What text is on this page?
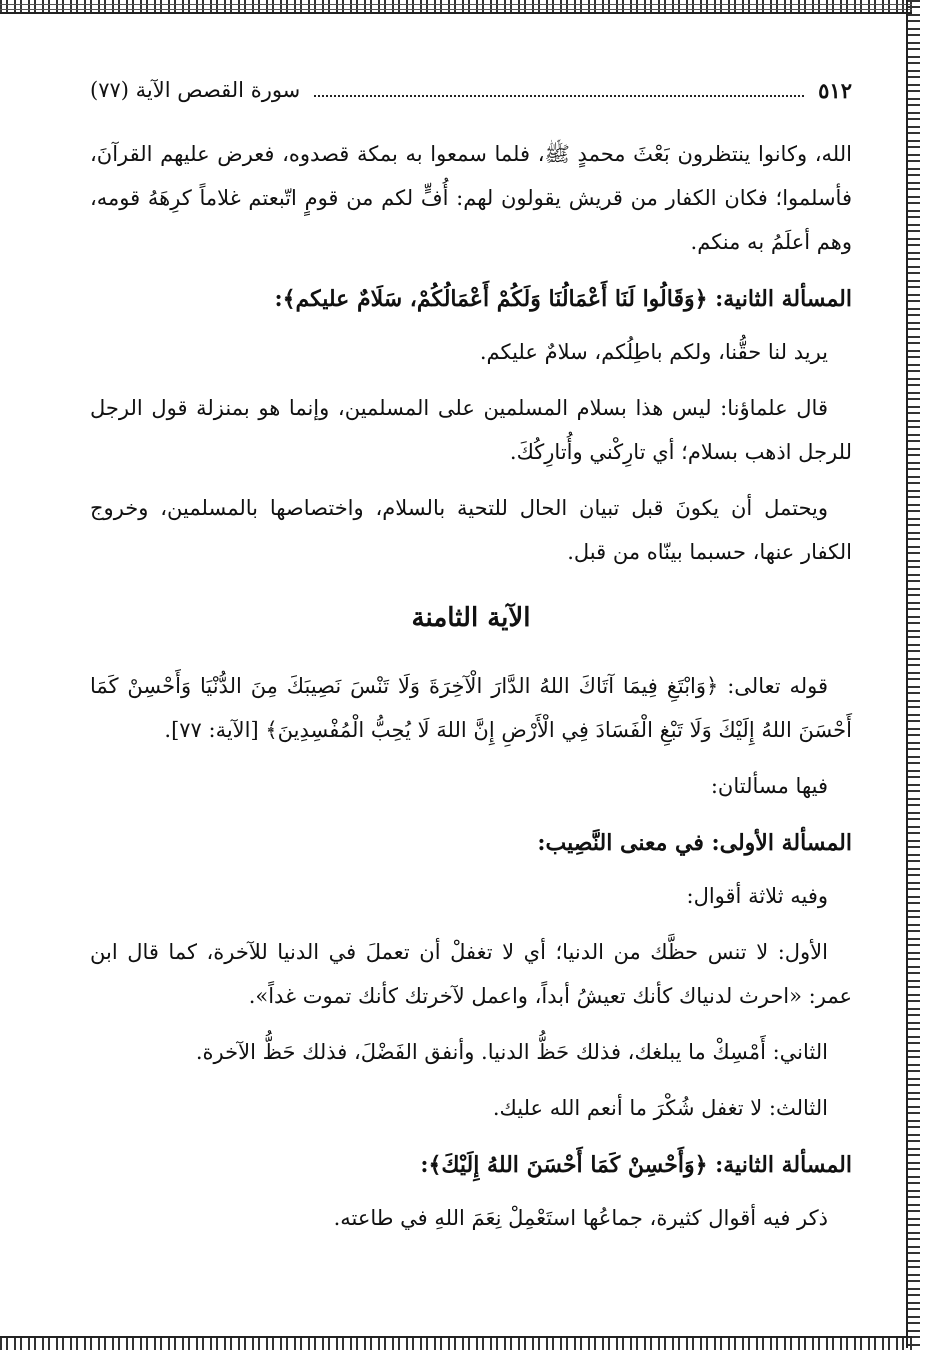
٥١٢
سورة القصص الآية (٧٧)

الله، وكانوا ينتظرون بَعْثَ محمدٍ ﷺ، فلما سمعوا به بمكة قصدوه، فعرض عليهم القرآنَ، فأسلموا؛ فكان الكفار من قريش يقولون لهم: أُفٍّ لكم من قومٍ اتّبعتم غلاماً كرِهَهُ قومه، وهم أعلَمُ به منكم.

المسألة الثانية: ﴿وَقَالُوا لَنَا أَعْمَالُنَا وَلَكُمْ أَعْمَالُكُمْ، سَلَامٌ عليكم﴾:

يريد لنا حقُّنا، ولكم باطِلُكم، سلامٌ عليكم.

قال علماؤنا: ليس هذا بسلام المسلمين على المسلمين، وإنما هو بمنزلة قول الرجل للرجل اذهب بسلام؛ أي تارِكْني وأُتارِكُكَ.

ويحتمل أن يكونَ قبل تبيان الحال للتحية بالسلام، واختصاصها بالمسلمين، وخروج الكفار عنها، حسبما بينّاه من قبل.

الآية الثامنة

قوله تعالى: ﴿وَابْتَغِ فِيمَا آتَاكَ اللهُ الدَّارَ الْآخِرَةَ وَلَا تَنْسَ نَصِيبَكَ مِنَ الدُّنْيَا وَأَحْسِنْ كَمَا أَحْسَنَ اللهُ إِلَيْكَ وَلَا تَبْغِ الْفَسَادَ فِي الْأَرْضِ إِنَّ اللهَ لَا يُحِبُّ الْمُفْسِدِينَ﴾ [الآية: ٧٧].

فيها مسألتان:

المسألة الأولى: في معنى النَّصِيب:

وفيه ثلاثة أقوال:

الأول: لا تنس حظَّك من الدنيا؛ أي لا تغفلْ أن تعملَ في الدنيا للآخرة، كما قال ابن عمر: «احرث لدنياك كأنك تعيشُ أبداً، واعمل لآخرتك كأنك تموت غداً».

الثاني: أَمْسِكْ ما يبلغك، فذلك حَظُّ الدنيا. وأنفق الفَضْلَ، فذلك حَظُّ الآخرة.

الثالث: لا تغفل شُكْرَ ما أنعم الله عليك.

المسألة الثانية: ﴿وَأَحْسِنْ كَمَا أَحْسَنَ اللهُ إِلَيْكَ﴾:

ذكر فيه أقوال كثيرة، جماعُها استَعْمِلْ نِعَمَ اللهِ في طاعته.
